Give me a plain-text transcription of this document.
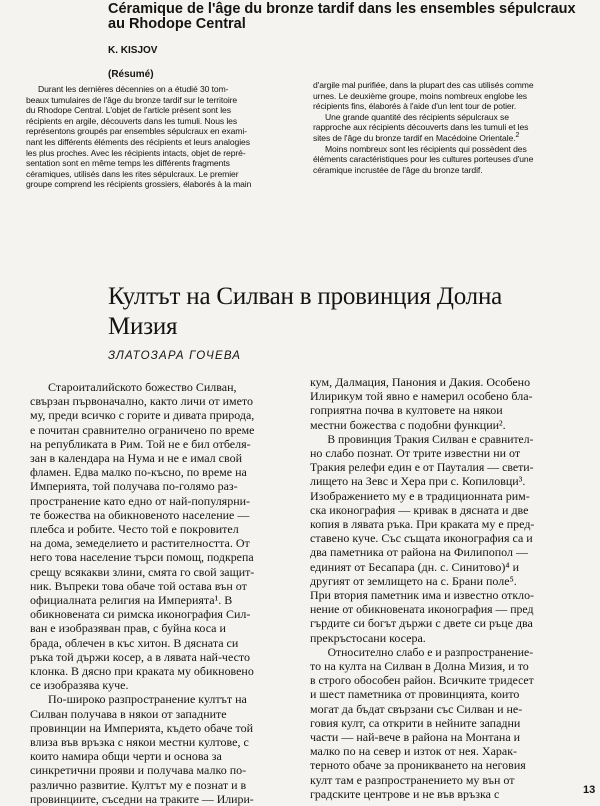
Céramique de l'âge du bronze tardif dans les ensembles sépulcraux
au Rhodope Central
K. KISJOV
(Résumé)
Durant les dernières décennies on a étudié 30 tom-
beaux tumulaires de l'âge du bronze tardif sur le territoire
du Rhodope Central. L'objet de l'article présent sont les
récipients en argile, découverts dans les tumuli. Nous les
représentons groupés par ensembles sépulcraux en exami-
nant les différents éléments des récipients et leurs analogies
les plus proches. Avec les récipients intacts, objet de repré-
sentation sont en même temps les différents fragments
céramiques, utilisés dans les rites sépulcraux. Le premier
groupe comprend les récipients grossiers, élaborés à la main
d'argile mal purifiée, dans la plupart des cas utilisés comme
urnes. Le deuxième groupe, moins nombreux englobe les
récipients fins, élaborés à l'aide d'un lent tour de potier.
Une grande quantité des récipients sépulcraux se
rapproche aux récipients découverts dans les tumuli et les
sites de l'âge du bronze tardif en Macédoine Orientale.$^2$
Moins nombreux sont les récipients qui possèdent des
éléments caractéristiques pour les cultures porteuses d'une
céramique incrustée de l'âge du bronze tardif.
Култът на Силван в провинция Долна
Мизия
ЗЛАТОЗАРА ГОЧЕВА
Староиталийското божество Силван,
свързан първоначално, както личи от името
му, преди всичко с горите и дивата природа,
е почитан сравнително ограничено по време
на републиката в Рим. Той не е бил отбеля-
зан в календара на Нума и не е имал свой
фламен. Едва малко по-късно, по време на
Империята, той получава по-голямо раз-
пространение като едно от най-популярни-
те божества на обикновеното население —
плебса и робите. Често той е покровител
на дома, земеделието и растителността. От
него това население търси помощ, подкрепа
срещу всякакви злини, смята го свой защит-
ник. Въпреки това обаче той остава вън от
официалната религия на Империята¹. В
обикновената си римска иконография Сил-
ван е изобразяван прав, с буйна коса и
брада, облечен в къс хитон. В дясната си
ръка той държи косер, а в лявата най-често
клонка. В дясно при краката му обикновено
се изобразява куче.
По-широко разпространение култът на
Силван получава в някои от западните
провинции на Империята, където обаче той
влиза във връзка с някои местни култове, с
които намира общи черти и основа за
синкретични прояви и получава малко по-
различно развитие. Култът му е познат и в
провинциите, съседни на траките — Илири-
кум, Далмация, Панония и Дакия. Особено
Илирикум той явно е намерил особено бла-
гоприятна почва в култовете на някои
местни божества с подобни функции².
В провинция Тракия Силван е сравнител-
но слабо познат. От трите известни ни от
Тракия релефи един е от Пауталия — свети-
лището на Зевс и Хера при с. Копиловци³.
Изображението му е в традиционната рим-
ска иконография — кривак в дясната и две
копия в лявата ръка. При краката му е пред-
ставено куче. Със същата иконография са и
два паметника от района на Филипопол —
единият от Бесапара (дн. с. Синитово)⁴ и
другият от землището на с. Брани поле⁵.
При втория паметник има и известно откло-
нение от обикновената иконография — пред
гърдите си богът държи с двете си ръце два
прекръстосани косера.
Относително слабо е и разпространение-
то на култа на Силван в Долна Мизия, и то
в строго обособен район. Всичките тридесет
и шест паметника от провинцията, които
могат да бъдат свързани със Силван и не-
говия култ, са открити в нейните западни
части — най-вече в района на Монтана и
малко по на север и изток от нея. Харак-
терното обаче за проникването на неговия
култ там е разпространението му вън от
градските центрове и не във връзка с	13
